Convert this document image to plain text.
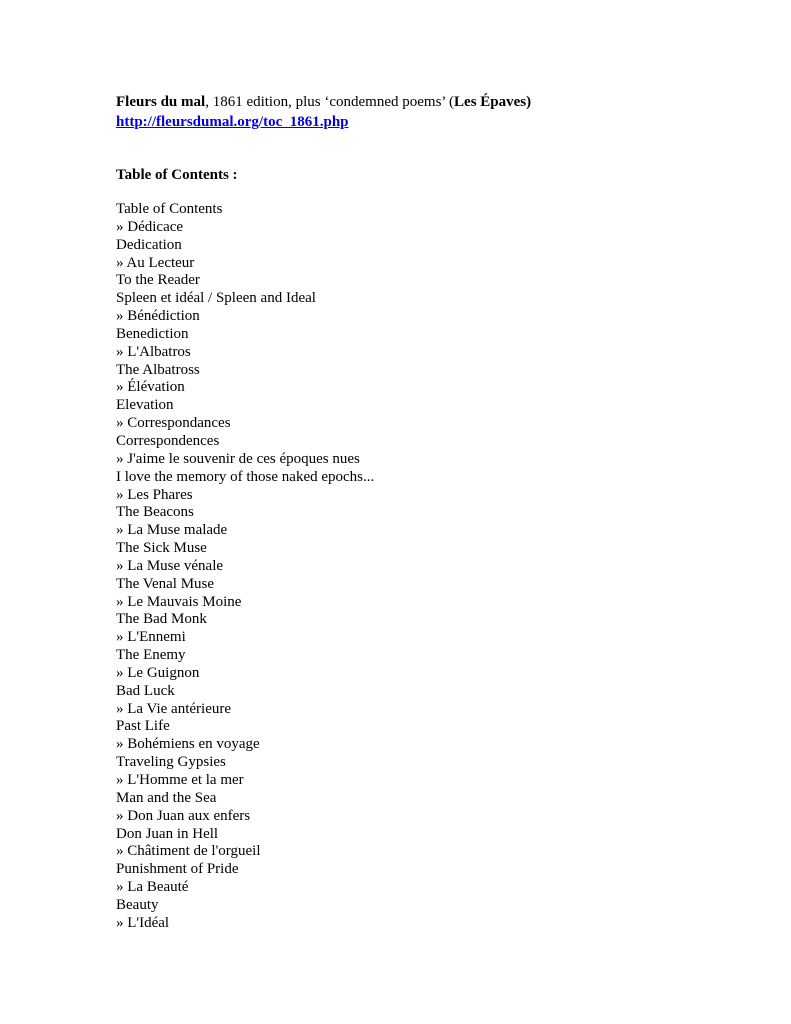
Fleurs du mal, 1861 edition, plus ‘condemned poems’ (Les Épaves)
http://fleursdumal.org/toc_1861.php
Table of Contents :
Table of Contents
» Dédicace
Dedication
» Au Lecteur
To the Reader
Spleen et idéal / Spleen and Ideal
» Bénédiction
Benediction
» L'Albatros
The Albatross
» Élévation
Elevation
» Correspondances
Correspondences
» J'aime le souvenir de ces époques nues
I love the memory of those naked epochs...
» Les Phares
The Beacons
» La Muse malade
The Sick Muse
» La Muse vénale
The Venal Muse
» Le Mauvais Moine
The Bad Monk
» L'Ennemi
The Enemy
» Le Guignon
Bad Luck
» La Vie antérieure
Past Life
» Bohémiens en voyage
Traveling Gypsies
» L'Homme et la mer
Man and the Sea
» Don Juan aux enfers
Don Juan in Hell
» Châtiment de l'orgueil
Punishment of Pride
» La Beauté
Beauty
» L'Idéal
